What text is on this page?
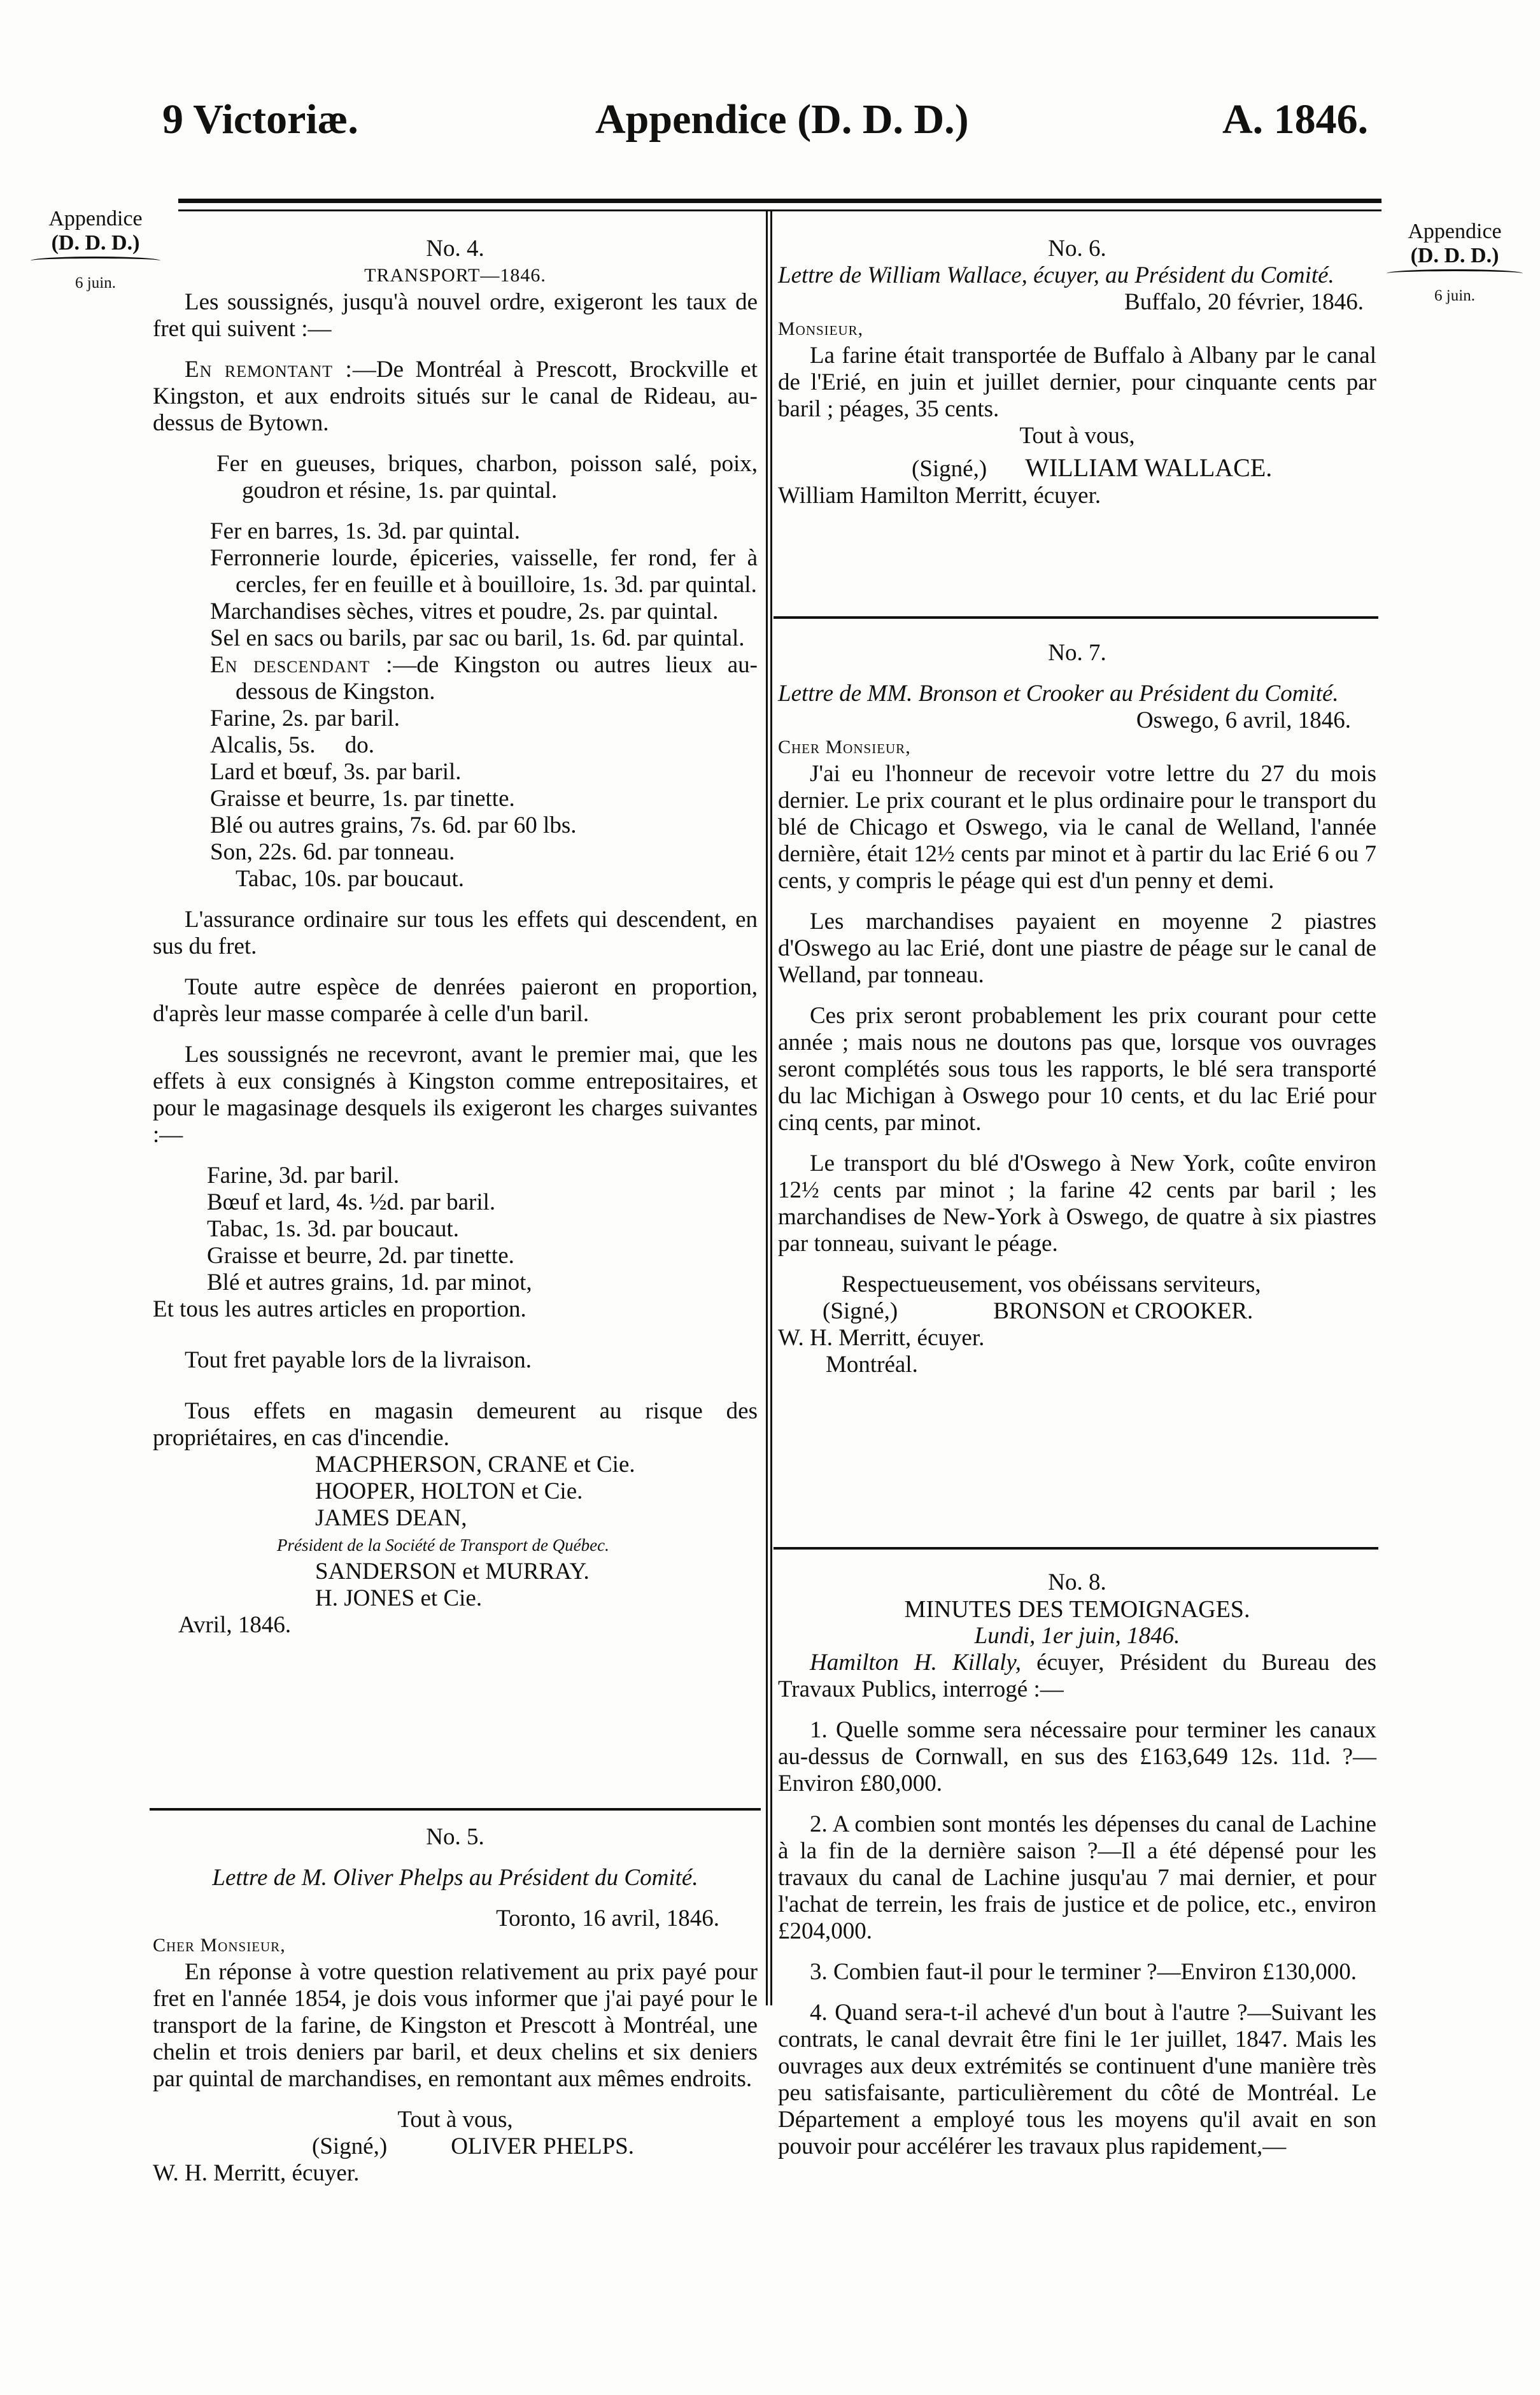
9 Victoriæ.	Appendice (D. D. D.)	A. 1846.
Appendice
(D. D. D.)
6 juin.
Appendice
(D. D. D.)
6 juin.

No. 4.

TRANSPORT—1846.

Les soussignés, jusqu'à nouvel ordre, exigeront les taux de fret qui suivent :—

En remontant :—De Montréal à Prescott, Brockville et Kingston, et aux endroits situés sur le canal de Rideau, au-dessus de Bytown.

Fer en gueuses, briques, charbon, poisson salé, poix, goudron et résine, 1s. par quintal.

Fer en barres, 1s. 3d. par quintal.

Ferronnerie lourde, épiceries, vaisselle, fer rond, fer à cercles, fer en feuille et à bouilloire, 1s. 3d. par quintal.

Marchandises sèches, vitres et poudre, 2s. par quintal.

Sel en sacs ou barils, par sac ou baril, 1s. 6d. par quintal.

En descendant :—de Kingston ou autres lieux au-dessous de Kingston.

Farine, 2s. par baril.

Alcalis, 5s.     do.

Lard et bœuf, 3s. par baril.

Graisse et beurre, 1s. par tinette.

Blé ou autres grains, 7s. 6d. par 60 lbs.

Son, 22s. 6d. par tonneau.

Tabac, 10s. par boucaut.

L'assurance ordinaire sur tous les effets qui descendent, en sus du fret.

Toute autre espèce de denrées paieront en proportion, d'après leur masse comparée à celle d'un baril.

Les soussignés ne recevront, avant le premier mai, que les effets à eux consignés à Kingston comme entrepositaires, et pour le magasinage desquels ils exigeront les charges suivantes :—

Farine, 3d. par baril.

Bœuf et lard, 4s. ½d. par baril.

Tabac, 1s. 3d. par boucaut.

Graisse et beurre, 2d. par tinette.

Blé et autres grains, 1d. par minot,

Et tous les autres articles en proportion.

Tout fret payable lors de la livraison.

Tous effets en magasin demeurent au risque des propriétaires, en cas d'incendie.

MACPHERSON, CRANE et Cie.

HOOPER, HOLTON et Cie.

JAMES DEAN,

Président de la Société de Transport de Québec.

SANDERSON et MURRAY.

H. JONES et Cie.

Avril, 1846.

No. 5.

Lettre de M. Oliver Phelps au Président du Comité.

Toronto, 16 avril, 1846.

Cher Monsieur,

En réponse à votre question relativement au prix payé pour fret en l'année 1854, je dois vous informer que j'ai payé pour le transport de la farine, de Kingston et Prescott à Montréal, une chelin et trois deniers par baril, et deux chelins et six deniers par quintal de marchandises, en remontant aux mêmes endroits.

Tout à vous,

(Signé,)	OLIVER PHELPS.

W. H. Merritt, écuyer.

No. 6.

Lettre de William Wallace, écuyer, au Président du Comité.

Buffalo, 20 février, 1846.

Monsieur,

La farine était transportée de Buffalo à Albany par le canal de l'Erié, en juin et juillet dernier, pour cinquante cents par baril ; péages, 35 cents.

Tout à vous,

(Signé,) WILLIAM WALLACE.

William Hamilton Merritt, écuyer.

No. 7.

Lettre de MM. Bronson et Crooker au Président du Comité.

Oswego, 6 avril, 1846.

Cher Monsieur,

J'ai eu l'honneur de recevoir votre lettre du 27 du mois dernier. Le prix courant et le plus ordinaire pour le transport du blé de Chicago et Oswego, via le canal de Welland, l'année dernière, était 12½ cents par minot et à partir du lac Erié 6 ou 7 cents, y compris le péage qui est d'un penny et demi.

Les marchandises payaient en moyenne 2 piastres d'Oswego au lac Erié, dont une piastre de péage sur le canal de Welland, par tonneau.

Ces prix seront probablement les prix courant pour cette année ; mais nous ne doutons pas que, lorsque vos ouvrages seront complétés sous tous les rapports, le blé sera transporté du lac Michigan à Oswego pour 10 cents, et du lac Erié pour cinq cents, par minot.

Le transport du blé d'Oswego à New York, coûte environ 12½ cents par minot ; la farine 42 cents par baril ; les marchandises de New-York à Oswego, de quatre à six piastres par tonneau, suivant le péage.

Respectueusement, vos obéissans serviteurs,

(Signé,)	BRONSON et CROOKER.

W. H. Merritt, écuyer.

Montréal.

No. 8.

MINUTES DES TEMOIGNAGES.

Lundi, 1er juin, 1846.

Hamilton H. Killaly, écuyer, Président du Bureau des Travaux Publics, interrogé :—

1. Quelle somme sera nécessaire pour terminer les canaux au-dessus de Cornwall, en sus des £163,649 12s. 11d. ?—Environ £80,000.

2. A combien sont montés les dépenses du canal de Lachine à la fin de la dernière saison ?—Il a été dépensé pour les travaux du canal de Lachine jusqu'au 7 mai dernier, et pour l'achat de terrein, les frais de justice et de police, etc., environ £204,000.

3. Combien faut-il pour le terminer ?—Environ £130,000.

4. Quand sera-t-il achevé d'un bout à l'autre ?—Suivant les contrats, le canal devrait être fini le 1er juillet, 1847. Mais les ouvrages aux deux extrémités se continuent d'une manière très peu satisfaisante, particulièrement du côté de Montréal. Le Département a employé tous les moyens qu'il avait en son pouvoir pour accélérer les travaux plus rapidement,—
